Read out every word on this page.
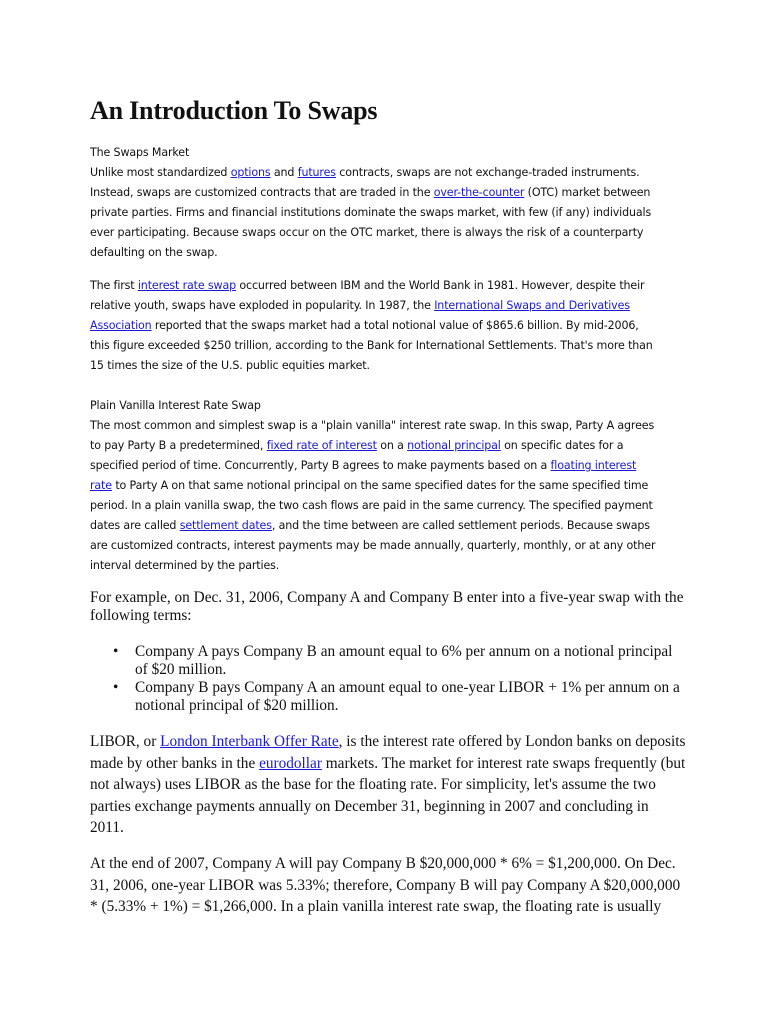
An Introduction To Swaps
The Swaps Market
Unlike most standardized options and futures contracts, swaps are not exchange-traded instruments.
Instead, swaps are customized contracts that are traded in the over-the-counter (OTC) market between
private parties. Firms and financial institutions dominate the swaps market, with few (if any) individuals
ever participating. Because swaps occur on the OTC market, there is always the risk of a counterparty
defaulting on the swap.
The first interest rate swap occurred between IBM and the World Bank in 1981. However, despite their
relative youth, swaps have exploded in popularity. In 1987, the International Swaps and Derivatives
Association reported that the swaps market had a total notional value of $865.6 billion. By mid-2006,
this figure exceeded $250 trillion, according to the Bank for International Settlements. That's more than
15 times the size of the U.S. public equities market.
Plain Vanilla Interest Rate Swap
The most common and simplest swap is a "plain vanilla" interest rate swap. In this swap, Party A agrees
to pay Party B a predetermined, fixed rate of interest on a notional principal on specific dates for a
specified period of time. Concurrently, Party B agrees to make payments based on a floating interest
rate to Party A on that same notional principal on the same specified dates for the same specified time
period. In a plain vanilla swap, the two cash flows are paid in the same currency. The specified payment
dates are called settlement dates, and the time between are called settlement periods. Because swaps
are customized contracts, interest payments may be made annually, quarterly, monthly, or at any other
interval determined by the parties.
For example, on Dec. 31, 2006, Company A and Company B enter into a five-year swap with the
following terms:
• Company A pays Company B an amount equal to 6% per annum on a notional principal
of $20 million.
• Company B pays Company A an amount equal to one-year LIBOR + 1% per annum on a
notional principal of $20 million.
LIBOR, or London Interbank Offer Rate, is the interest rate offered by London banks on deposits
made by other banks in the eurodollar markets. The market for interest rate swaps frequently (but
not always) uses LIBOR as the base for the floating rate. For simplicity, let's assume the two
parties exchange payments annually on December 31, beginning in 2007 and concluding in
2011.
At the end of 2007, Company A will pay Company B $20,000,000 * 6% = $1,200,000. On Dec.
31, 2006, one-year LIBOR was 5.33%; therefore, Company B will pay Company A $20,000,000
* (5.33% + 1%) = $1,266,000. In a plain vanilla interest rate swap, the floating rate is usually
